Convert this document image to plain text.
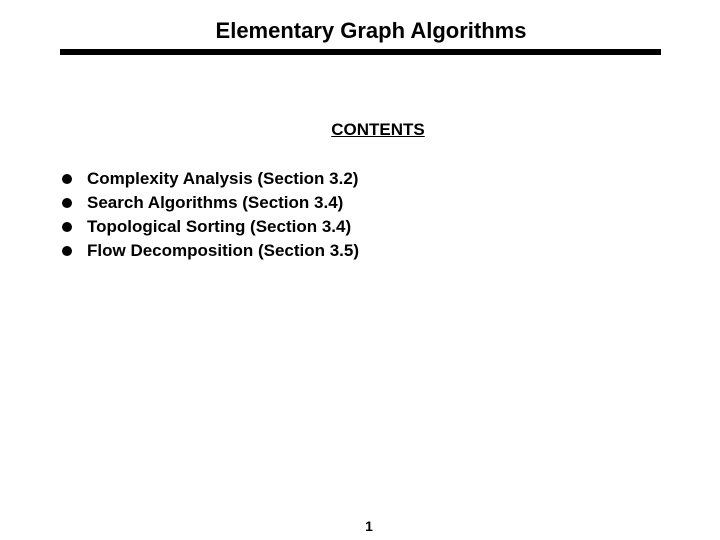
Elementary Graph Algorithms
CONTENTS
Complexity Analysis (Section 3.2)
Search Algorithms (Section 3.4)
Topological Sorting (Section 3.4)
Flow Decomposition (Section 3.5)
1
